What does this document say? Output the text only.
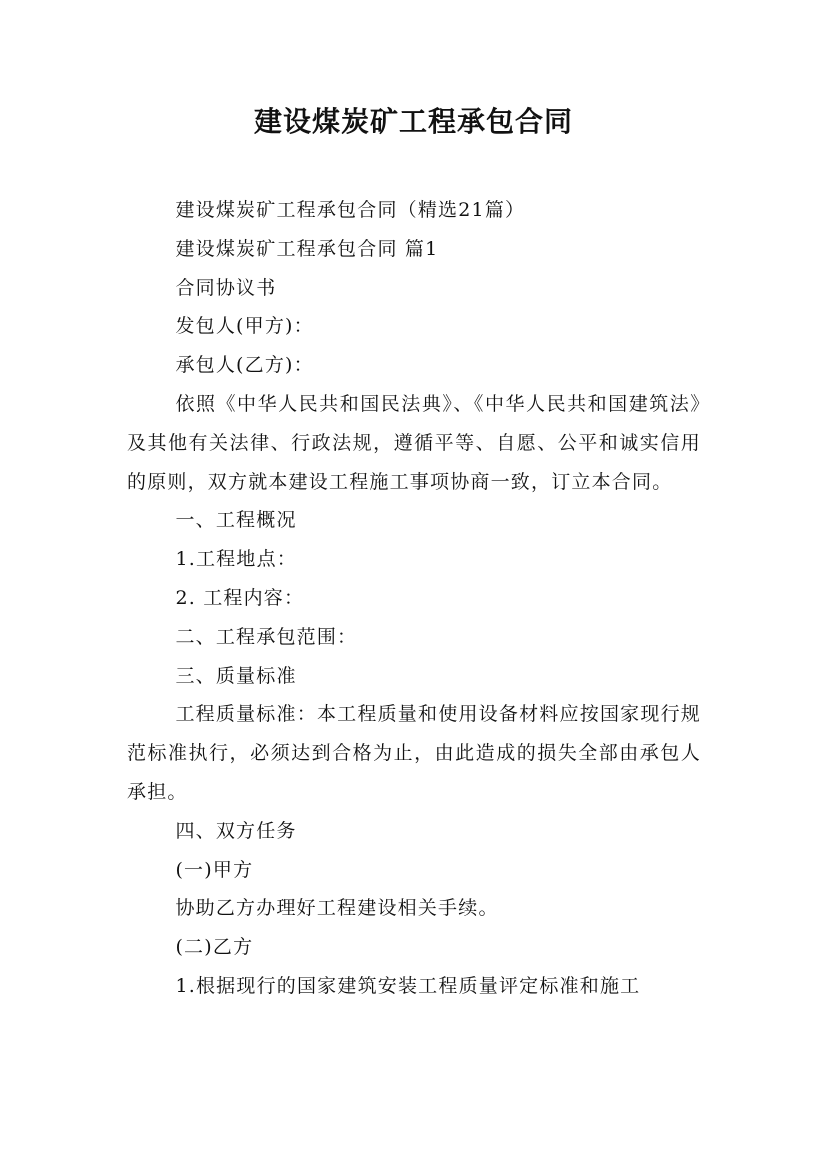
建设煤炭矿工程承包合同

建设煤炭矿工程承包合同（精选21篇）

建设煤炭矿工程承包合同 篇1

合同协议书

发包人(甲方)：

承包人(乙方)：

依照《中华人民共和国民法典》、《中华人民共和国建筑法》及其他有关法律、行政法规，遵循平等、自愿、公平和诚实信用的原则，双方就本建设工程施工事项协商一致，订立本合同。

一、工程概况

1.工程地点：

2. 工程内容：

二、工程承包范围：

三、质量标准

工程质量标准：本工程质量和使用设备材料应按国家现行规范标准执行，必须达到合格为止，由此造成的损失全部由承包人承担。

四、双方任务

(一)甲方

协助乙方办理好工程建设相关手续。

(二)乙方

1.根据现行的国家建筑安装工程质量评定标准和施工
